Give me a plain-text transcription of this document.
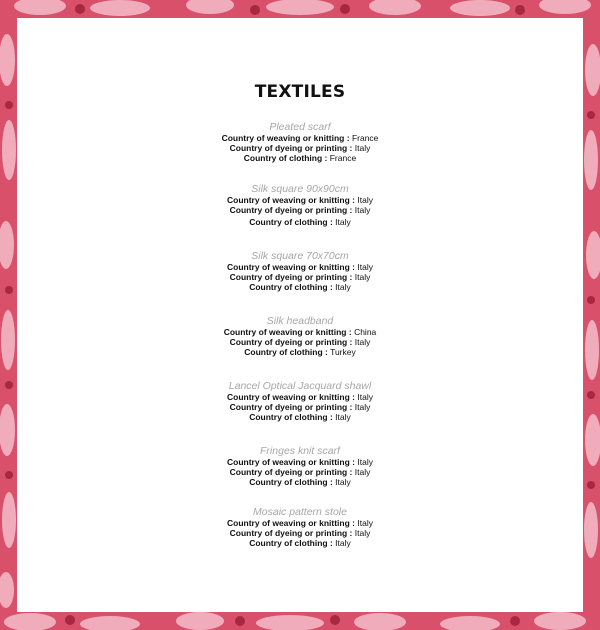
TEXTILES
Pleated scarf
Country of weaving or knitting : France
Country of dyeing or printing : Italy
Country of clothing : France
Silk square 90x90cm
Country of weaving or knitting : Italy
Country of dyeing or printing : Italy
Country of clothing : Italy
Silk square 70x70cm
Country of weaving or knitting : Italy
Country of dyeing or printing : Italy
Country of clothing : Italy
Silk headband
Country of weaving or knitting : China
Country of dyeing or printing : Italy
Country of clothing : Turkey
Lancel Optical Jacquard shawl
Country of weaving or knitting : Italy
Country of dyeing or printing : Italy
Country of clothing : Italy
Fringes knit scarf
Country of weaving or knitting : Italy
Country of dyeing or printing : Italy
Country of clothing : Italy
Mosaic pattern stole
Country of weaving or knitting : Italy
Country of dyeing or printing : Italy
Country of clothing : Italy
